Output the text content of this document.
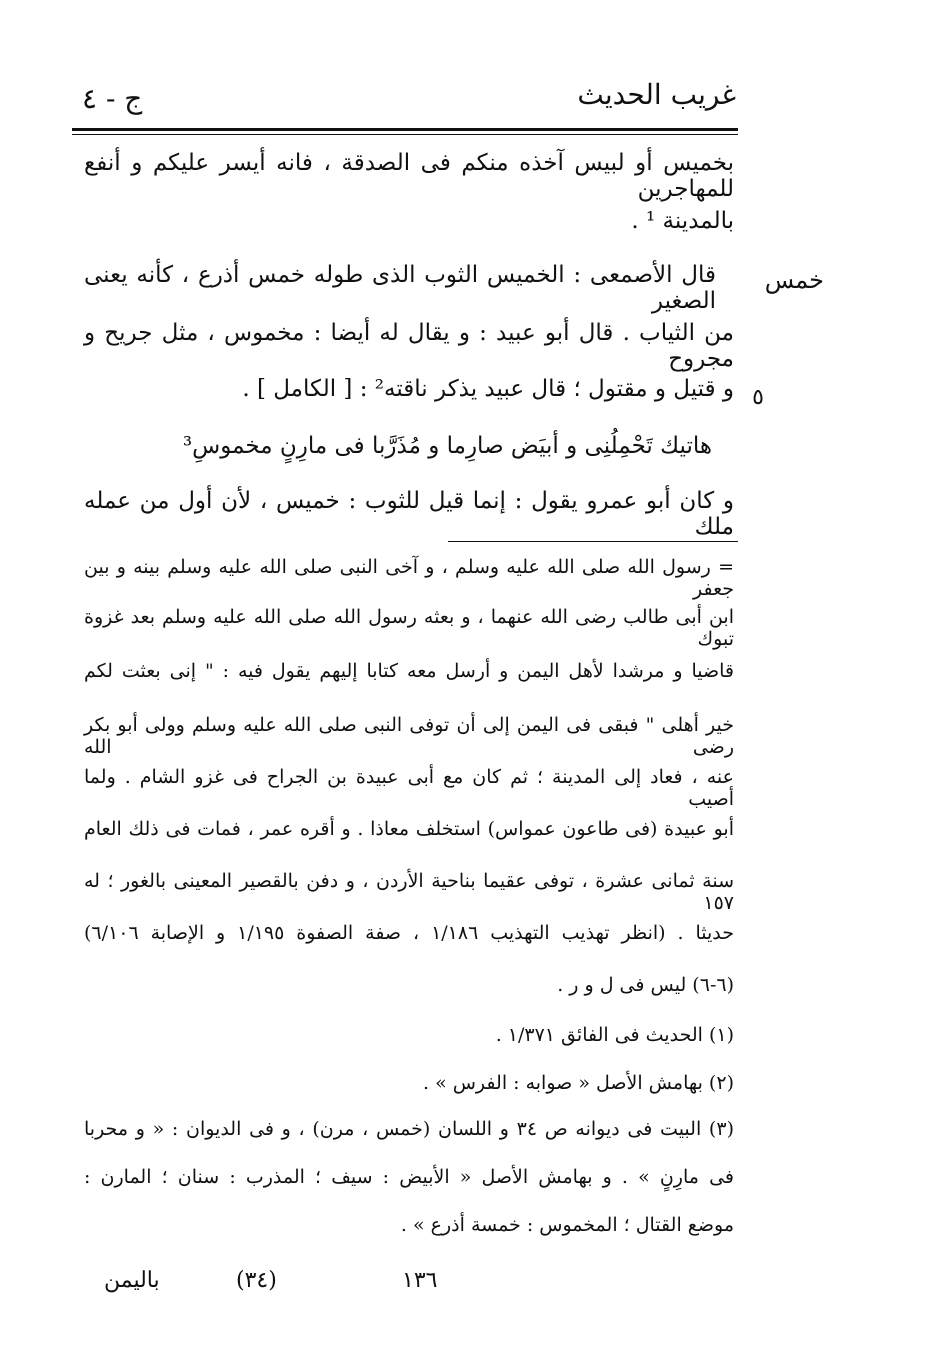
غريب الحديث
ج - ٤
بخميس أو لبيس آخذه منكم فى الصدقة ، فانه أيسر عليكم و أنفع للمهاجرين
بالمدينة ¹ .
قال الأصمعى : الخميس الثوب الذى طوله خمس أذرع ، كأنه يعنى الصغير
من الثياب . قال أبو عبيد : و يقال له أيضا : مخموس ، مثل جريح و مجروح
و قتيل و مقتول ؛ قال عبيد يذكر ناقته² : [ الكامل ] .
هاتيك تَحْمِلُنِى و أبيَض صارِما و مُذَرَّبا فى مارِنٍ مخموسِ³
و كان أبو عمرو يقول : إنما قيل للثوب : خميس ، لأن أول من عمله ملك
خمس
٥
= رسول الله صلى الله عليه وسلم ، و آخى النبى صلى الله عليه وسلم بينه و بين جعفر
ابن أبى طالب رضى الله عنهما ، و بعثه رسول الله صلى الله عليه وسلم بعد غزوة تبوك
قاضيا و مرشدا لأهل اليمن و أرسل معه كتابا إليهم يقول فيه : " إنى بعثت لكم
خير أهلى " فبقى فى اليمن إلى أن توفى النبى صلى الله عليه وسلم وولى أبو بكر رضى الله
عنه ، فعاد إلى المدينة ؛ ثم كان مع أبى عبيدة بن الجراح فى غزو الشام . ولما أصيب
أبو عبيدة (فى طاعون عمواس) استخلف معاذا . و أقره عمر ، فمات فى ذلك العام
سنة ثمانى عشرة ، توفى عقيما بناحية الأردن ، و دفن بالقصير المعينى بالغور ؛ له ١٥٧
حديثا . (انظر تهذيب التهذيب ١/١٨٦ ، صفة الصفوة ١/١٩٥ و الإصابة ٦/١٠٦)
(٦-٦) ليس فى ل و ر .
(١) الحديث فى الفائق ١/٣٧١ .
(٢) بهامش الأصل « صوابه : الفرس » .
(٣) البيت فى ديوانه ص ٣٤ و اللسان (خمس ، مرن) ، و فى الديوان : « و محربا
فى مارِنٍ » . و بهامش الأصل « الأبيض : سيف ؛ المذرب : سنان ؛ المارن :
موضع القتال ؛ المخموس : خمسة أذرع » .
١٣٦
(٣٤)
باليمن
